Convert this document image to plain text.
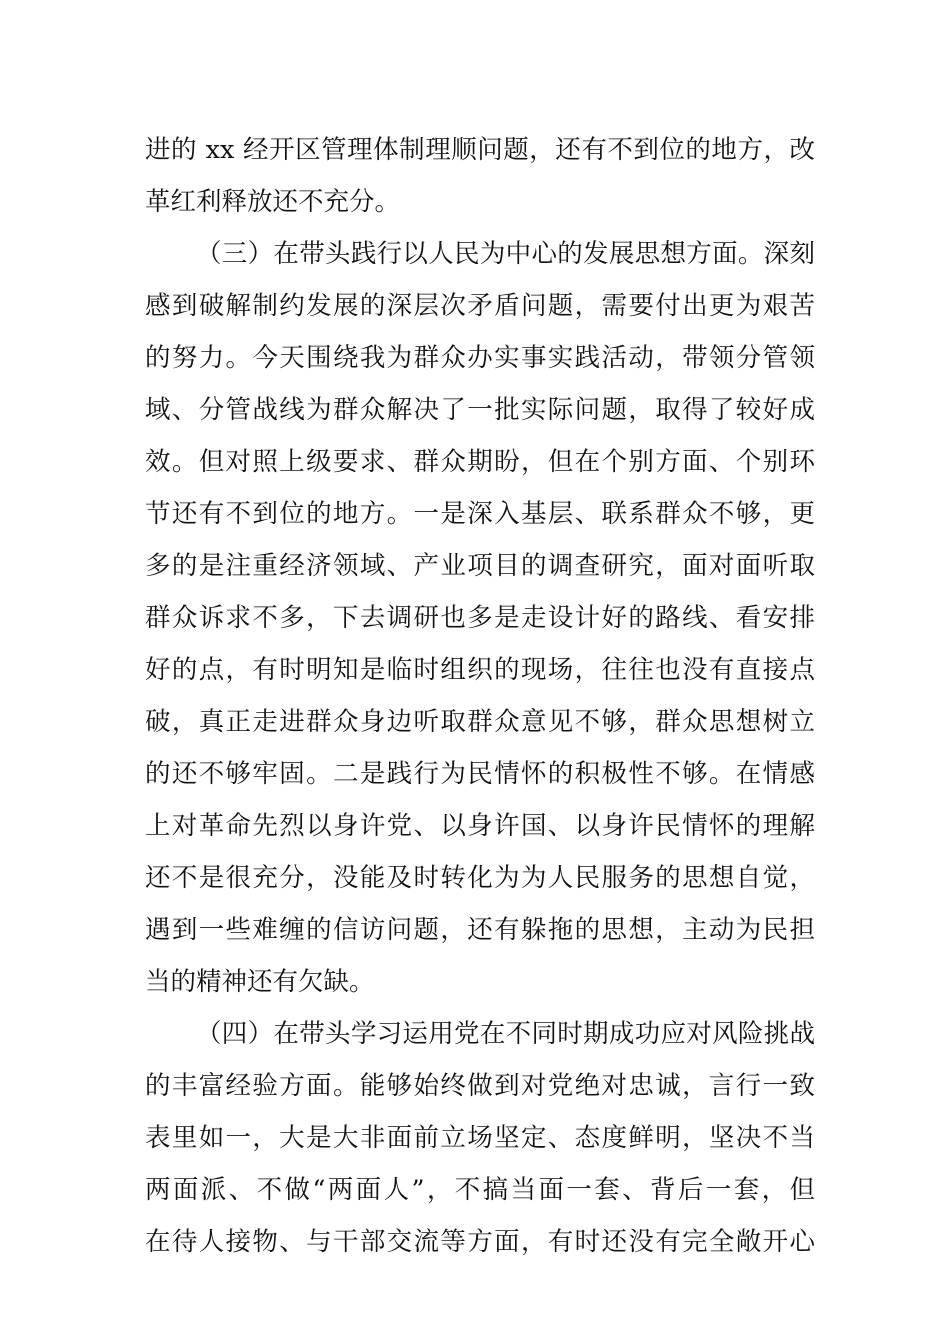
进的 xx 经开区管理体制理顺问题，还有不到位的地方，改
革红利释放还不充分。
（三）在带头践行以人民为中心的发展思想方面。深刻
感到破解制约发展的深层次矛盾问题，需要付出更为艰苦
的努力。今天围绕我为群众办实事实践活动，带领分管领
域、分管战线为群众解决了一批实际问题，取得了较好成
效。但对照上级要求、群众期盼，但在个别方面、个别环
节还有不到位的地方。一是深入基层、联系群众不够，更
多的是注重经济领域、产业项目的调查研究，面对面听取
群众诉求不多，下去调研也多是走设计好的路线、看安排
好的点，有时明知是临时组织的现场，往往也没有直接点
破，真正走进群众身边听取群众意见不够，群众思想树立
的还不够牢固。二是践行为民情怀的积极性不够。在情感
上对革命先烈以身许党、以身许国、以身许民情怀的理解
还不是很充分，没能及时转化为为人民服务的思想自觉，
遇到一些难缠的信访问题，还有躲拖的思想，主动为民担
当的精神还有欠缺。
（四）在带头学习运用党在不同时期成功应对风险挑战
的丰富经验方面。能够始终做到对党绝对忠诚，言行一致
表里如一，大是大非面前立场坚定、态度鲜明，坚决不当
两面派、不做“两面人”，不搞当面一套、背后一套，但
在待人接物、与干部交流等方面，有时还没有完全敞开心
